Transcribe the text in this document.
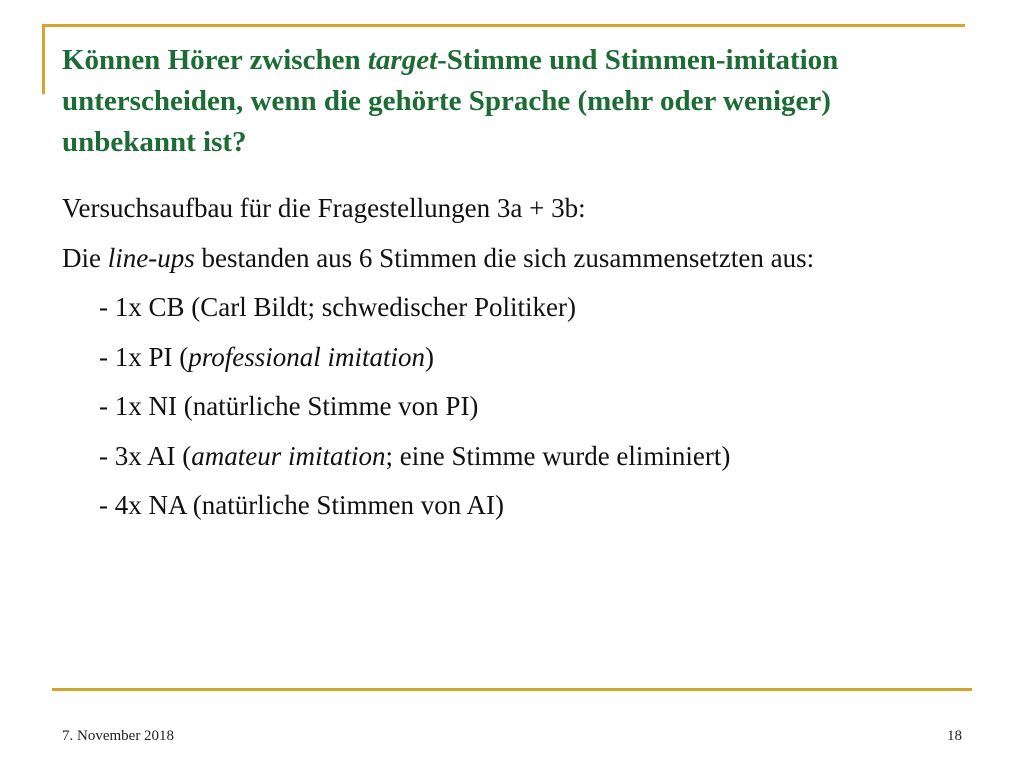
Können Hörer zwischen target-Stimme und Stimmen-imitation unterscheiden, wenn die gehörte Sprache (mehr oder weniger) unbekannt ist?
Versuchsaufbau für die Fragestellungen 3a + 3b:
Die line-ups bestanden aus 6 Stimmen die sich zusammensetzten aus:
- 1x CB (Carl Bildt; schwedischer Politiker)
- 1x PI (professional imitation)
- 1x NI (natürliche Stimme von PI)
- 3x AI (amateur imitation; eine Stimme wurde eliminiert)
- 4x NA (natürliche Stimmen von AI)
7. November 2018	18
